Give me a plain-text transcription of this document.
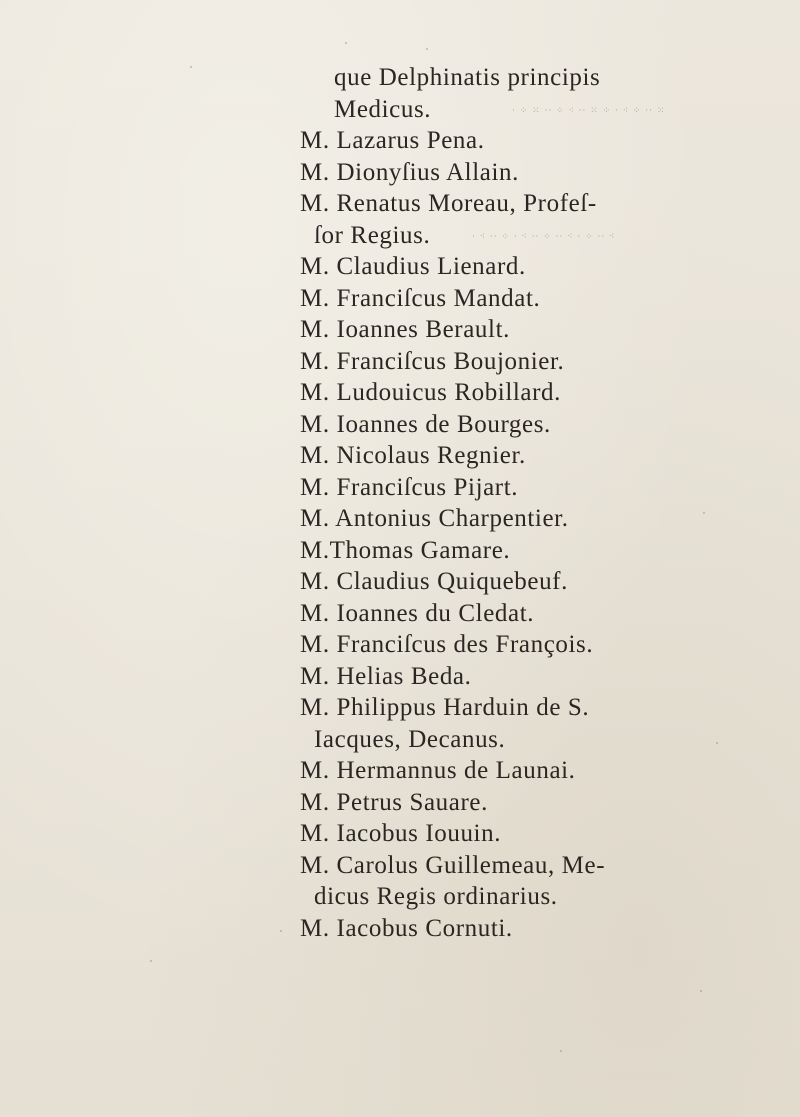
que Delphinatis principis
Medicus.
M. Lazarus Pena.
M. Dionyſius Allain.
M. Renatus Moreau, Profeſ-
ſor Regius.
M. Claudius Lienard.
M. Franciſcus Mandat.
M. Ioannes Berault.
M. Franciſcus Boujonier.
M. Ludouicus Robillard.
M. Ioannes de Bourges.
M. Nicolaus Regnier.
M. Franciſcus Pijart.
M. Antonius Charpentier.
M.Thomas Gamare.
M. Claudius Quiquebeuf.
M. Ioannes du Cledat.
M. Franciſcus des François.
M. Helias Beda.
M. Philippus Harduin de S.
Iacques, Decanus.
M. Hermannus de Launai.
M. Petrus Sauare.
M. Iacobus Iouuin.
M. Carolus Guillemeau, Me-
dicus Regis ordinarius.
M. Iacobus Cornuti.
· ⁘ ⁙ ·· ⁘ ⁖ ·· ⁙ ⁘ · ⁖ ⁘ ·· ⁙
· ⁖ ·· ⁘ · ⁖ ·· ⁘ ·· ⁖ · ⁘ ·· ⁖
